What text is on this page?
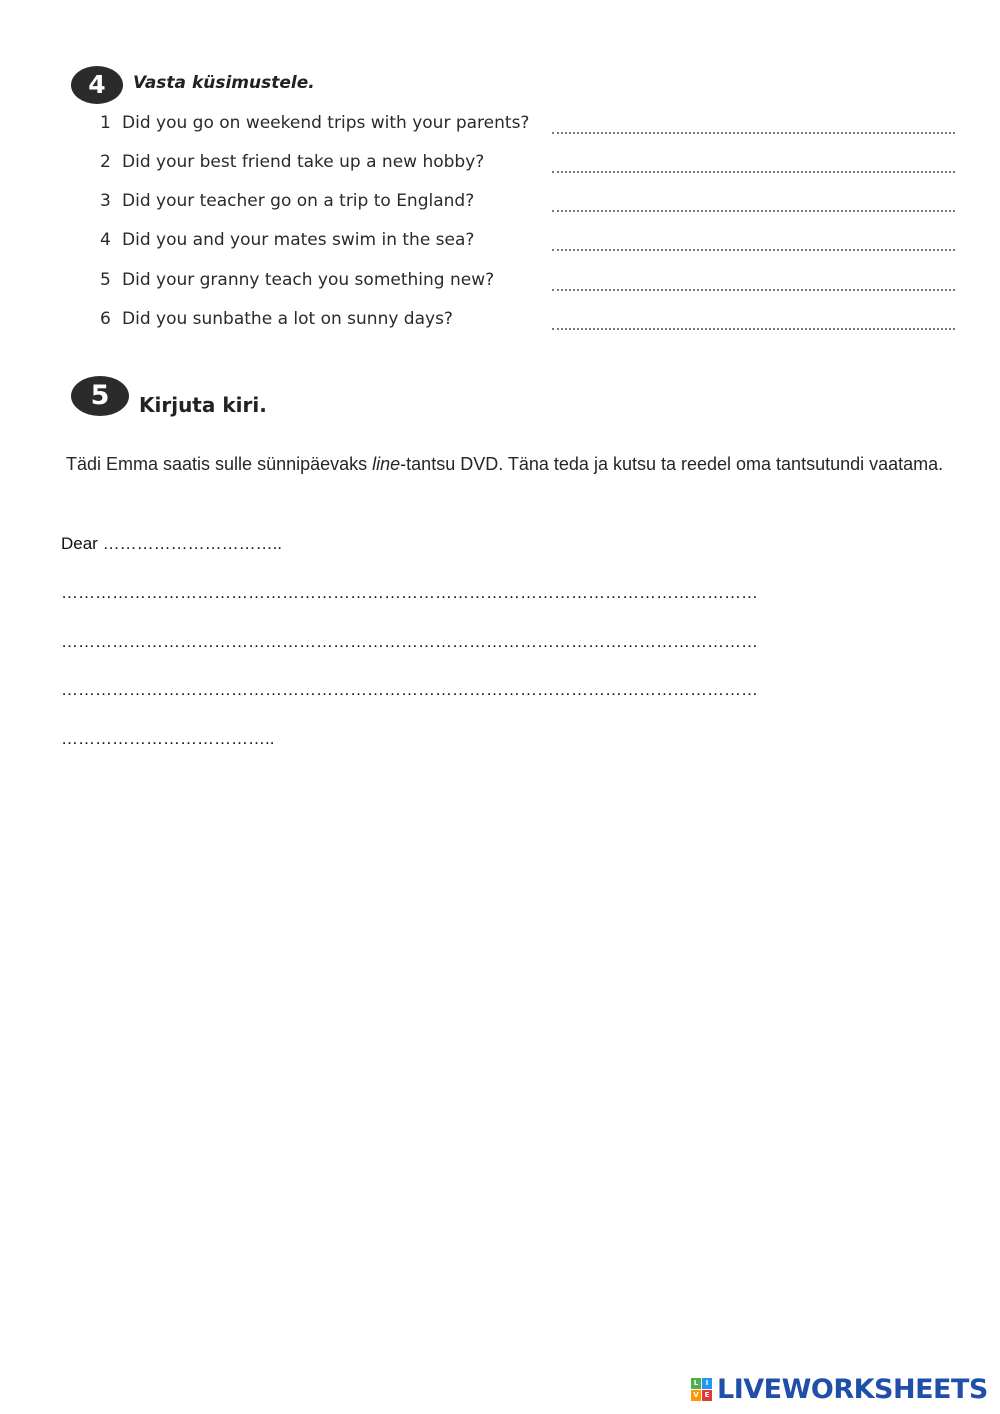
4	Vasta küsimustele.
1 Did you go on weekend trips with your parents?
2 Did your best friend take up a new hobby?
3 Did your teacher go on a trip to England?
4 Did you and your mates swim in the sea?
5 Did your granny teach you something new?
6 Did you sunbathe a lot on sunny days?
5	Kirjuta kiri.
Tädi Emma saatis sulle sünnipäevaks line-tantsu DVD. Täna teda ja kutsu ta reedel oma tantsutundi vaatama.
Dear …………………………..
……………………………………………………………………………………………………………
……………………………………………………………………………………………………………
……………………………………………………………………………………………………………
………………………………..
L	I
V E LIVEWORKSHEETS
